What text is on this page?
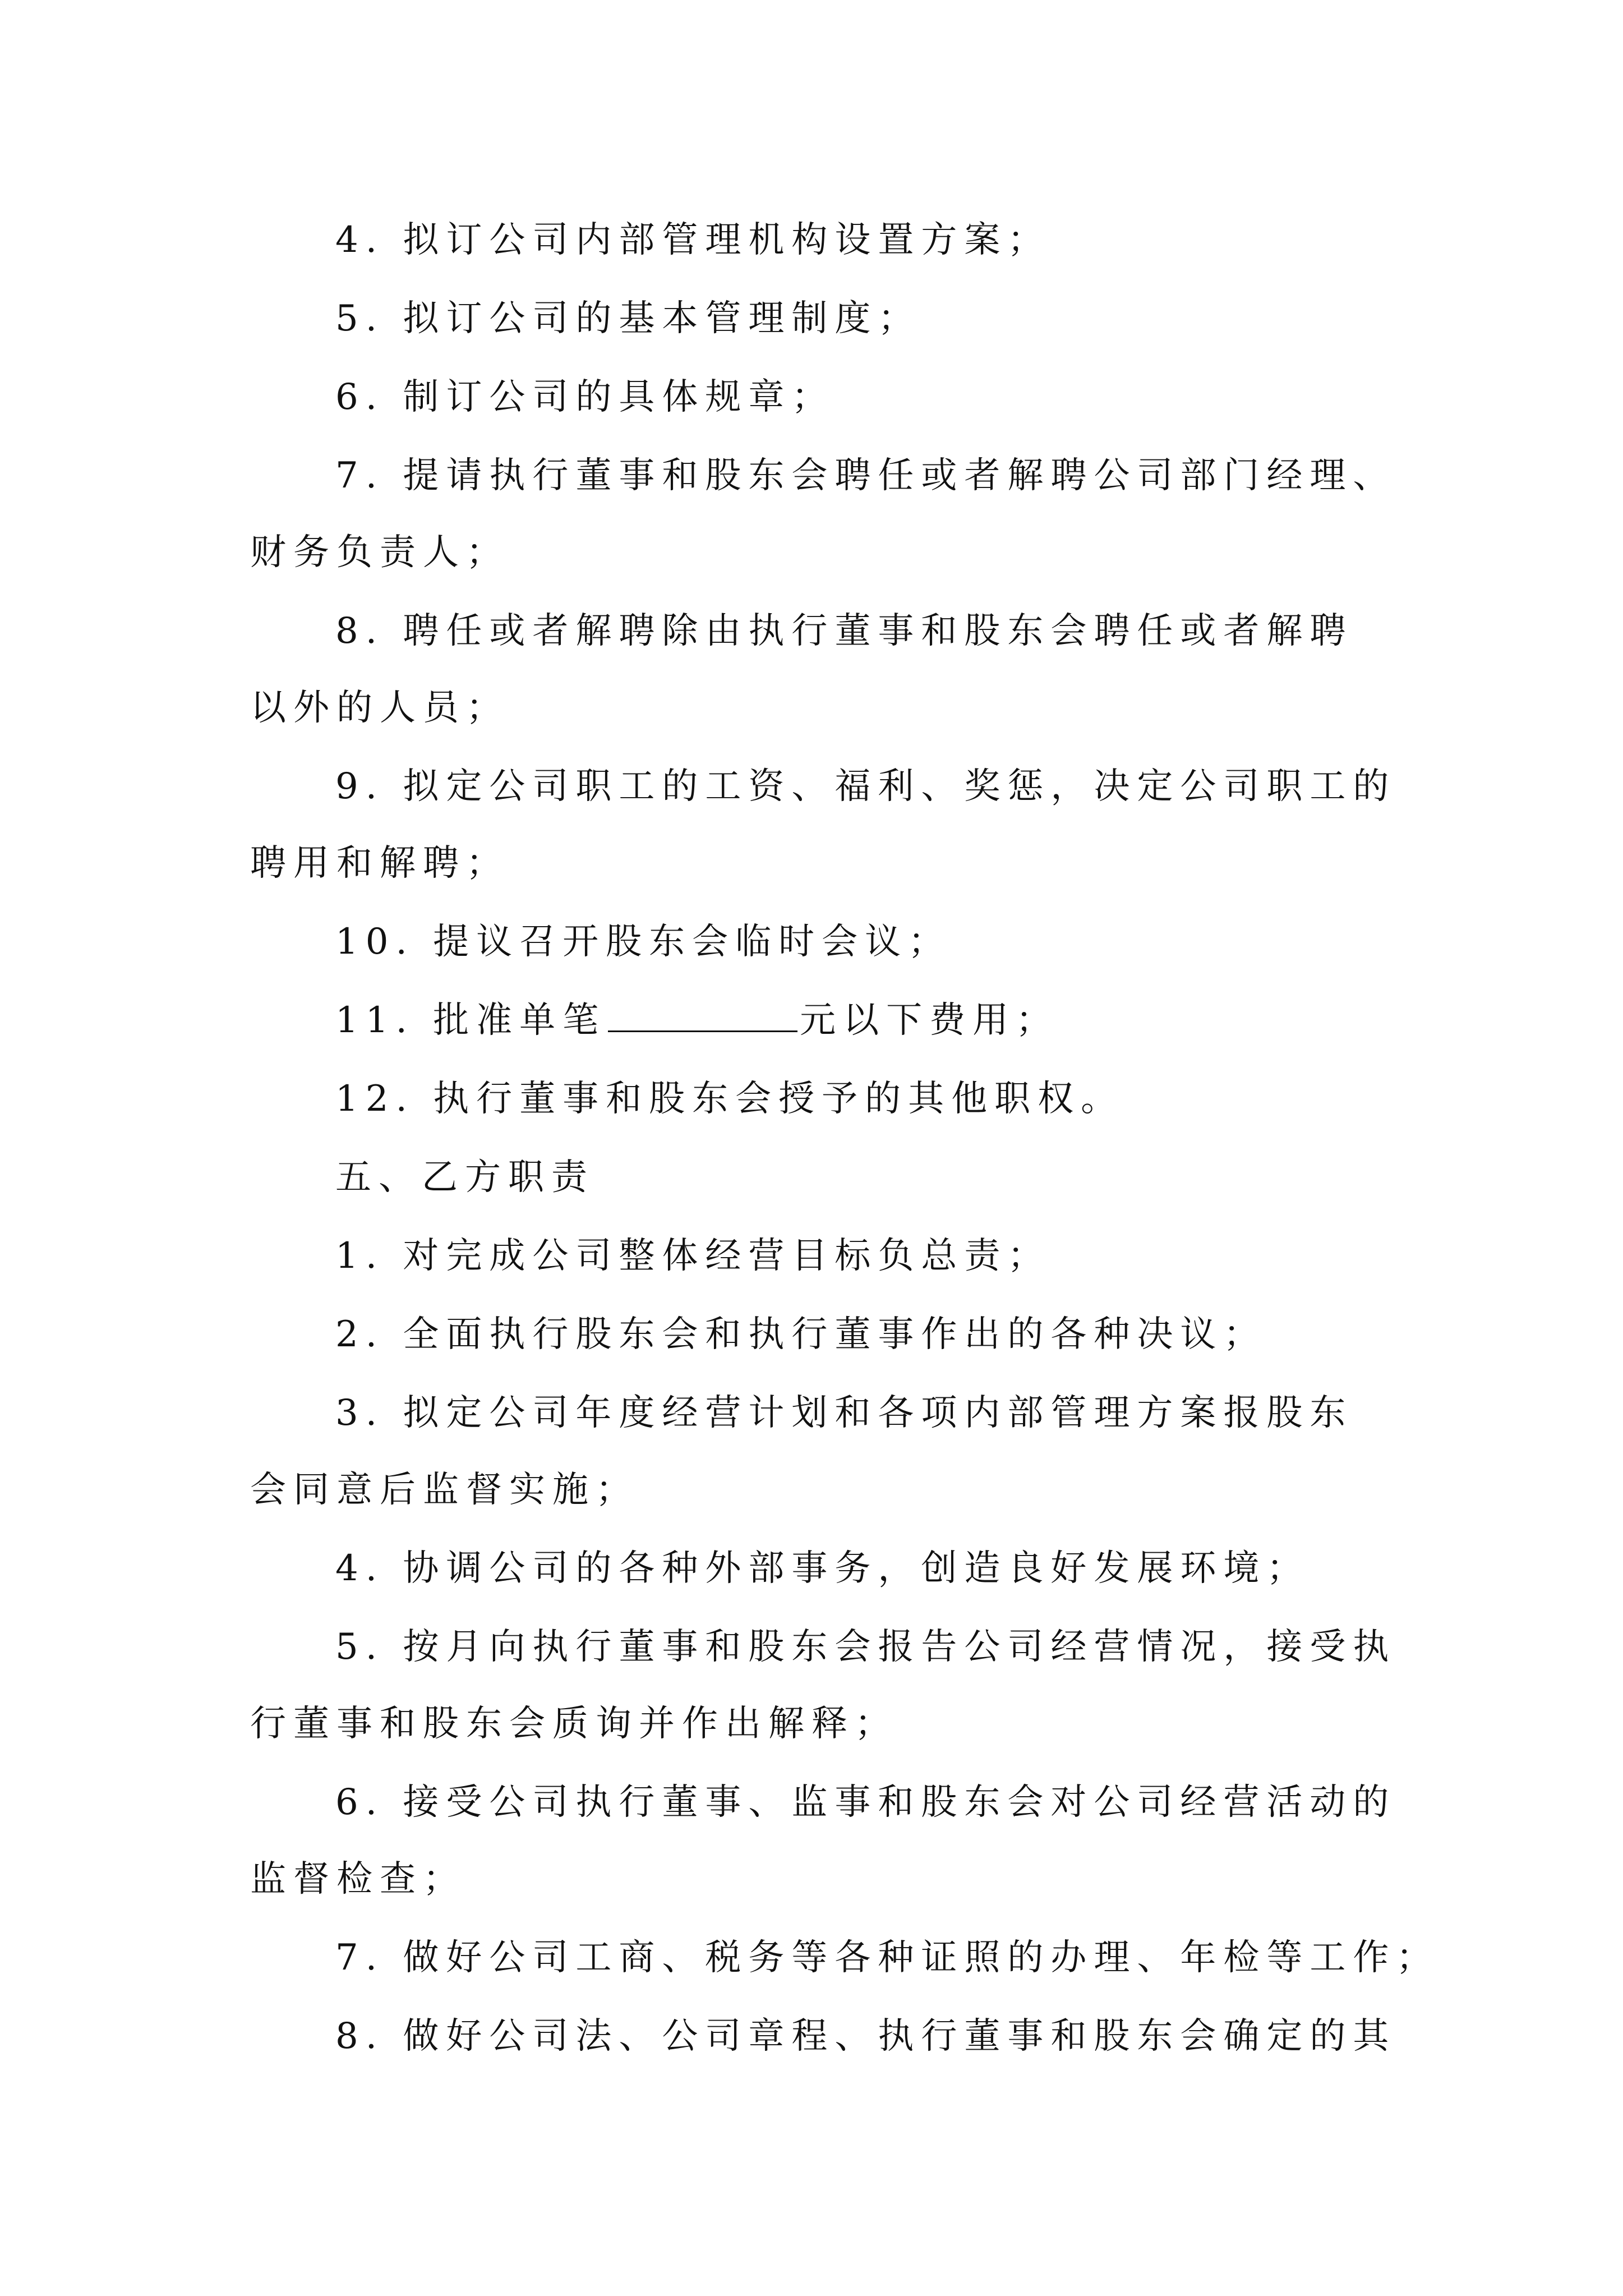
4. 拟订公司内部管理机构设置方案；
5. 拟订公司的基本管理制度；
6. 制订公司的具体规章；
7. 提请执行董事和股东会聘任或者解聘公司部门经理、
财务负责人；
8. 聘任或者解聘除由执行董事和股东会聘任或者解聘
以外的人员；
9. 拟定公司职工的工资、福利、奖惩，决定公司职工的
聘用和解聘；
10. 提议召开股东会临时会议；
11. 批准单笔	元以下费用；
12. 执行董事和股东会授予的其他职权。
五、乙方职责
1. 对完成公司整体经营目标负总责；
2. 全面执行股东会和执行董事作出的各种决议；
3. 拟定公司年度经营计划和各项内部管理方案报股东
会同意后监督实施；
4. 协调公司的各种外部事务，创造良好发展环境；
5. 按月向执行董事和股东会报告公司经营情况，接受执
行董事和股东会质询并作出解释；
6. 接受公司执行董事、监事和股东会对公司经营活动的
监督检查；
7. 做好公司工商、税务等各种证照的办理、年检等工作；
8. 做好公司法、公司章程、执行董事和股东会确定的其
